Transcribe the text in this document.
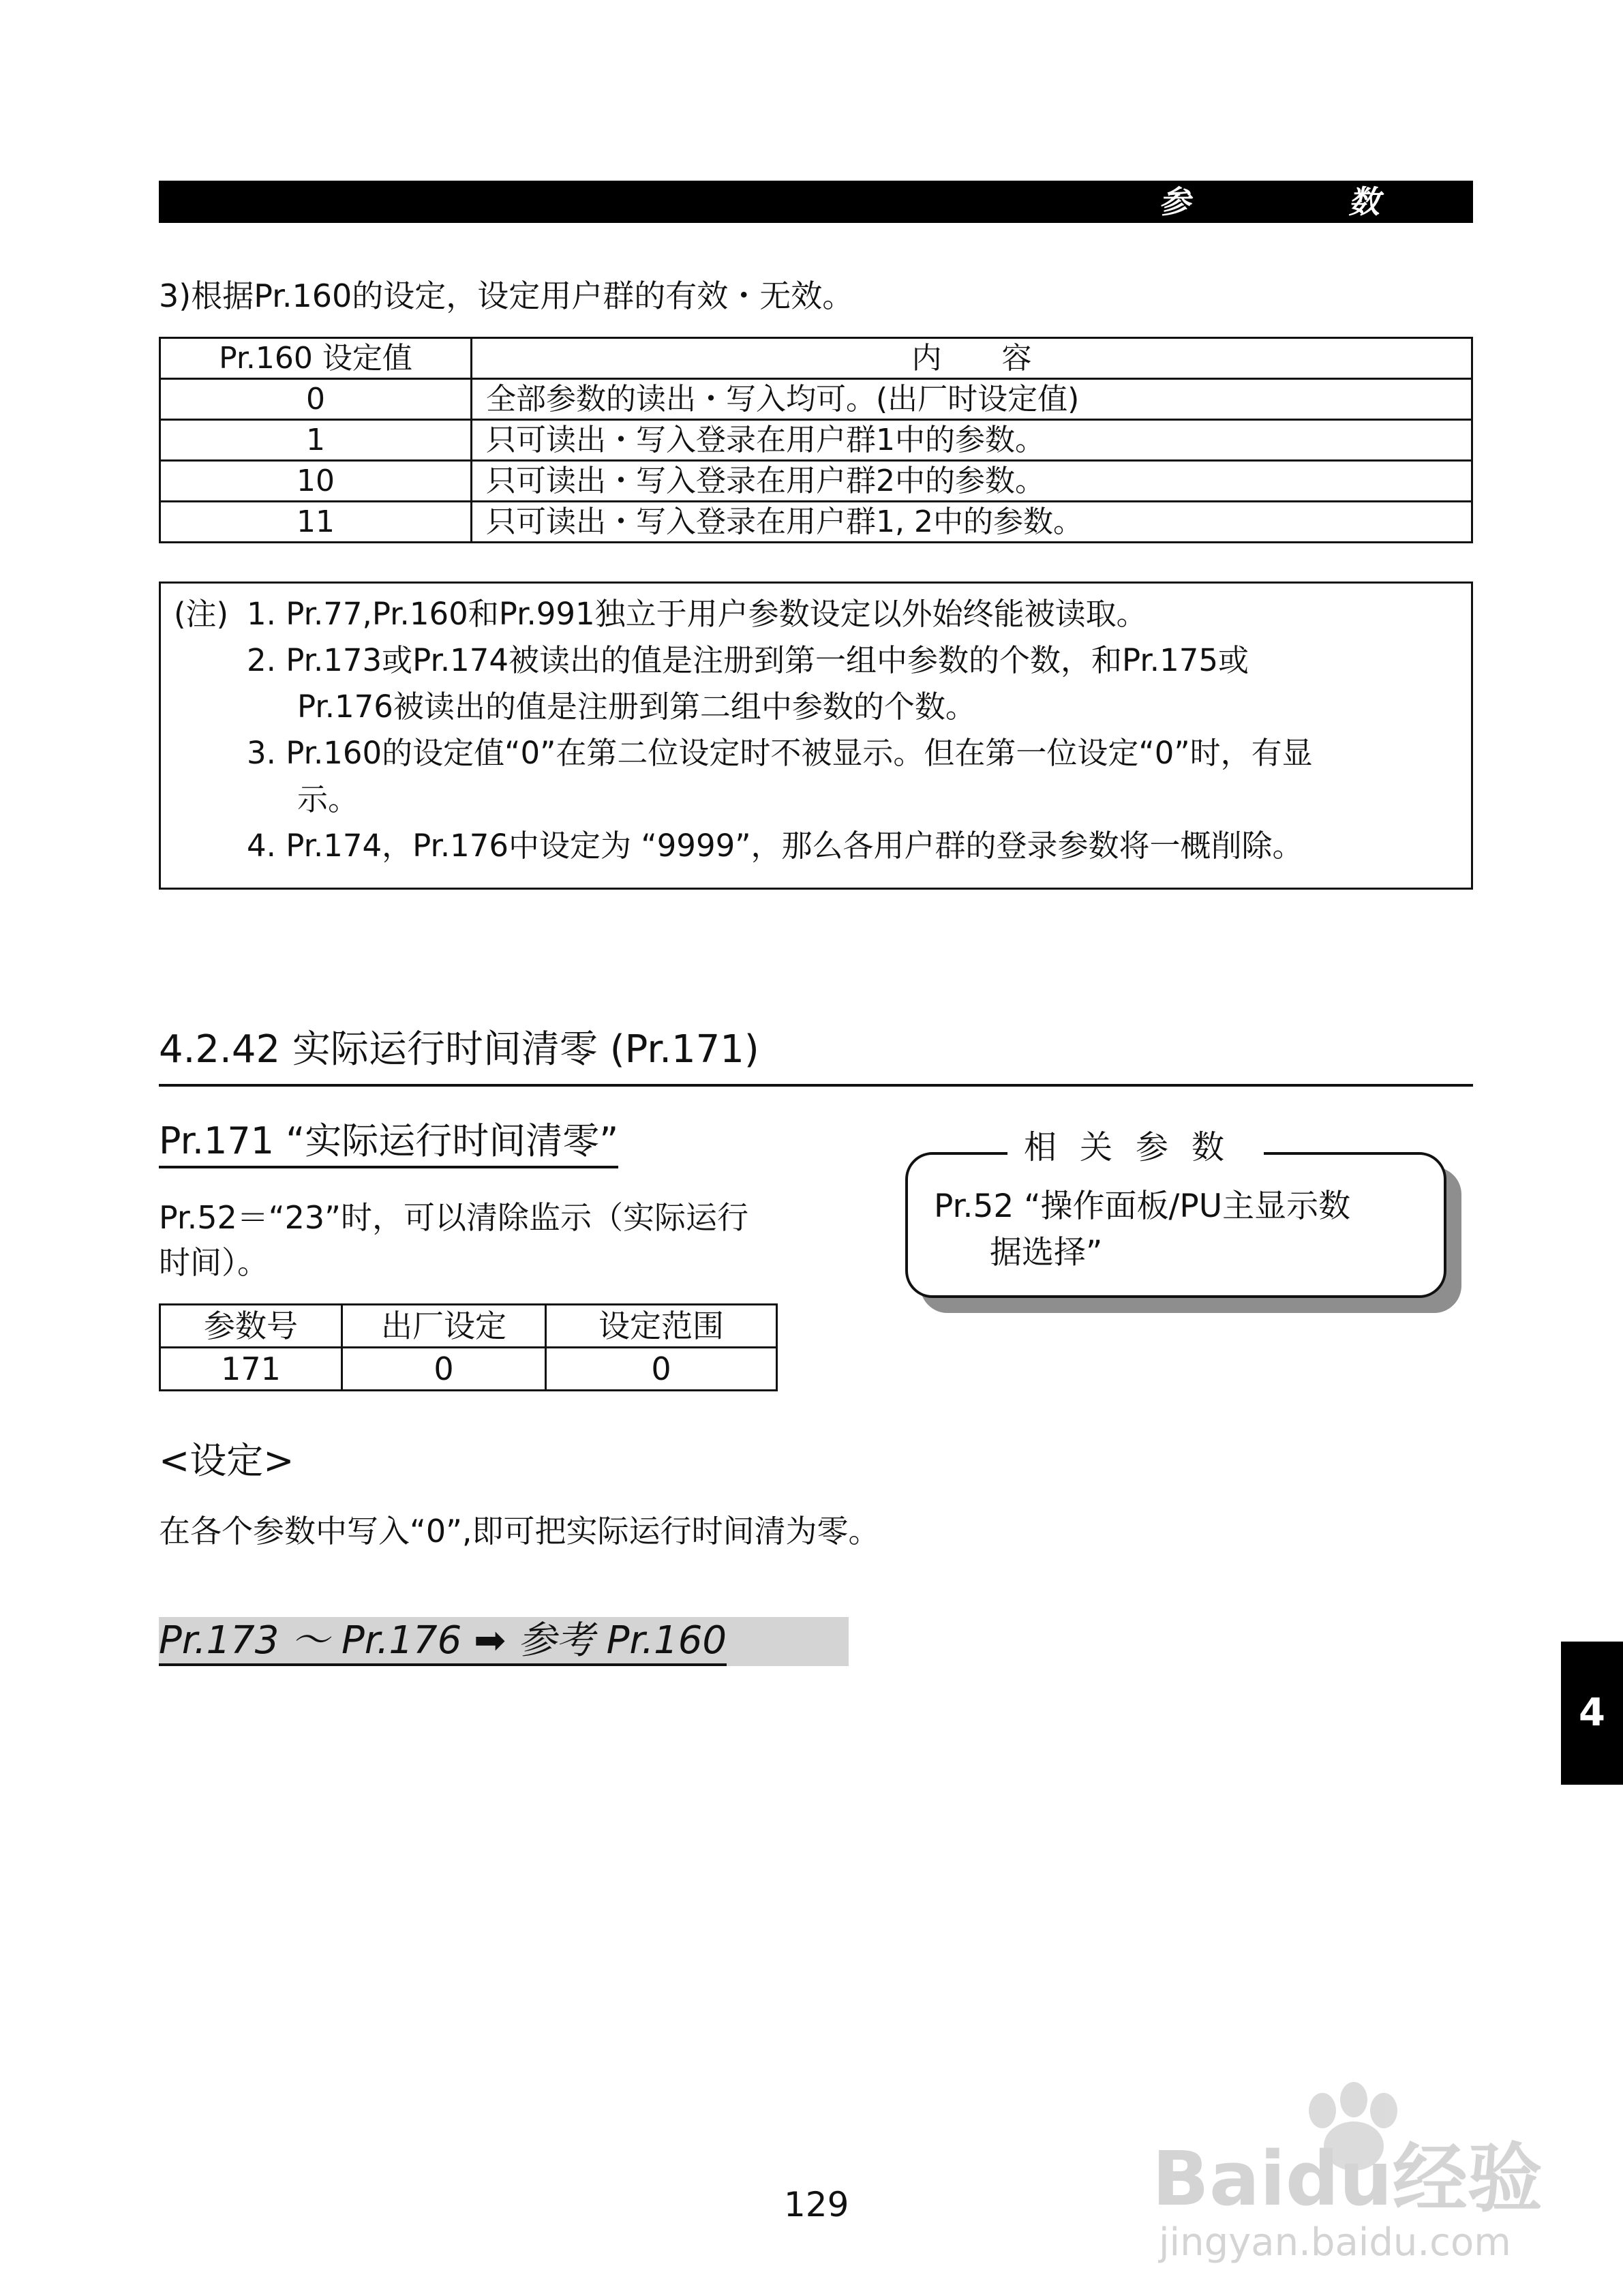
参	数
3)根据Pr.160的设定，设定用户群的有效・无效。
Pr.160 设定值	内　　容
0	全部参数的读出・写入均可。(出厂时设定值)
1	只可读出・写入登录在用户群1中的参数。
10	只可读出・写入登录在用户群2中的参数。
11	只可读出・写入登录在用户群1, 2中的参数。
(注) 1. Pr.77,Pr.160和Pr.991独立于用户参数设定以外始终能被读取。
2. Pr.173或Pr.174被读出的值是注册到第一组中参数的个数，和Pr.175或
Pr.176被读出的值是注册到第二组中参数的个数。
3. Pr.160的设定值“0”在第二位设定时不被显示。但在第一位设定“0”时，有显
示。
4. Pr.174，Pr.176中设定为 “9999”，那么各用户群的登录参数将一概削除。
4.2.42 实际运行时间清零 (Pr.171)
Pr.171 “实际运行时间清零”
Pr.52＝“23”时，可以清除监示（实际运行
时间）。
相关参数
Pr.52 “操作面板/PU主显示数
据选择”
参数号	出厂设定	设定范围
171	0	0
<设定>
在各个参数中写入“0”,即可把实际运行时间清为零。
Pr.173 ～ Pr.176 ➡ 参考 Pr.160
4
129	Baidu经验
jingyan.baidu.com
